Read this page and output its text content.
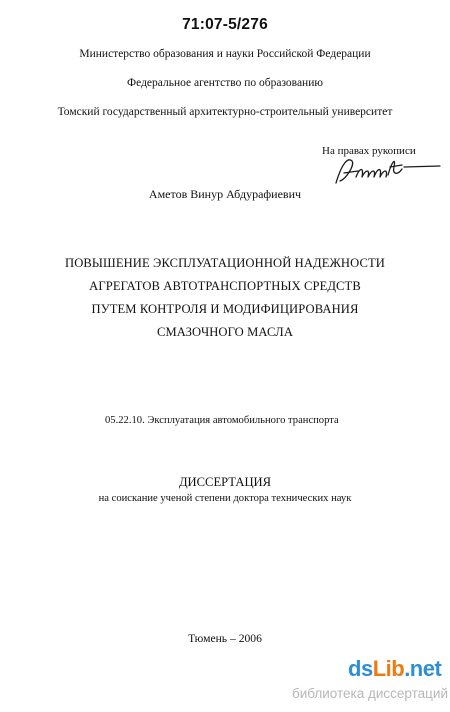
71:07-5/276
Министерство образования и науки Российской Федерации
Федеральное агентство по образованию
Томский государственный архитектурно-строительный университет
На правах рукописи
Аметов Винур Абдурафиевич
ПОВЫШЕНИЕ ЭКСПЛУАТАЦИОННОЙ НАДЕЖНОСТИ
АГРЕГАТОВ АВТОТРАНСПОРТНЫХ СРЕДСТВ
ПУТЕМ КОНТРОЛЯ И МОДИФИЦИРОВАНИЯ
СМАЗОЧНОГО МАСЛА
05.22.10. Эксплуатация автомобильного транспорта
ДИССЕРТАЦИЯ
на соискание ученой степени доктора технических наук
Тюмень – 2006
dsLib.net
библиотека диссертаций
